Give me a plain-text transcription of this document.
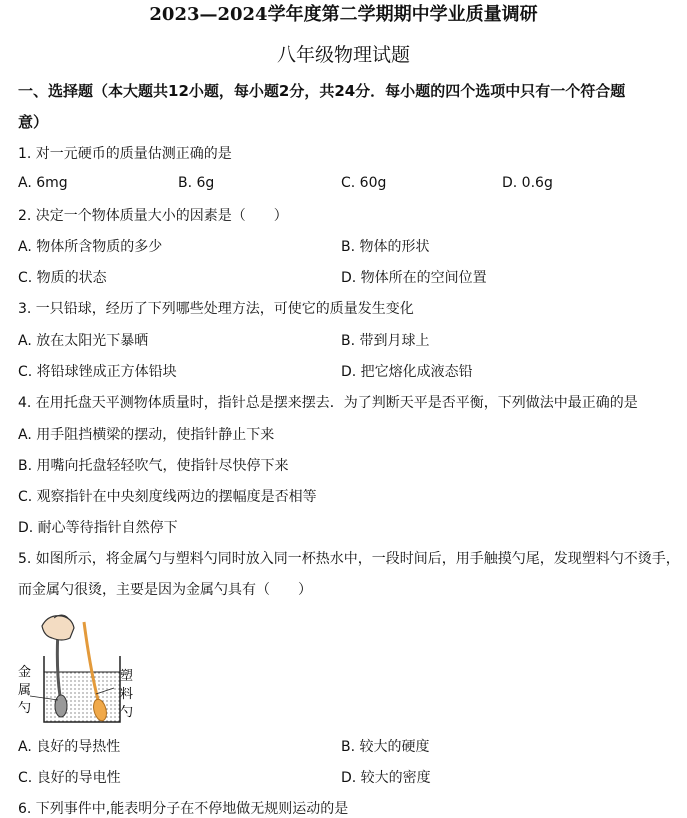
2023—2024学年度第二学期期中学业质量调研
八年级物理试题
一、选择题（本大题共12小题，每小题2分，共24分．每小题的四个选项中只有一个符合题
意）
1. 对一元硬币的质量估测正确的是
A. 6mg	B. 6g	C. 60g	D. 0.6g
2. 决定一个物体质量大小的因素是（　　）
A. 物体所含物质的多少	B. 物体的形状
C. 物质的状态	D. 物体所在的空间位置
3. 一只铅球，经历了下列哪些处理方法，可使它的质量发生变化
A. 放在太阳光下暴晒	B. 带到月球上
C. 将铅球锉成正方体铅块	D. 把它熔化成液态铅
4. 在用托盘天平测物体质量时，指针总是摆来摆去．为了判断天平是否平衡，下列做法中最正确的是
A. 用手阻挡横梁的摆动，使指针静止下来
B. 用嘴向托盘轻轻吹气，使指针尽快停下来
C. 观察指针在中央刻度线两边的摆幅度是否相等
D. 耐心等待指针自然停下
5. 如图所示，将金属勺与塑料勺同时放入同一杯热水中，一段时间后，用手触摸勺尾，发现塑料勺不烫手，
而金属勺很烫，主要是因为金属勺具有（　　）
金
属
勺
塑
料
勺
A. 良好的导热性	B. 较大的硬度
C. 良好的导电性	D. 较大的密度
6. 下列事件中,能表明分子在不停地做无规则运动的是
